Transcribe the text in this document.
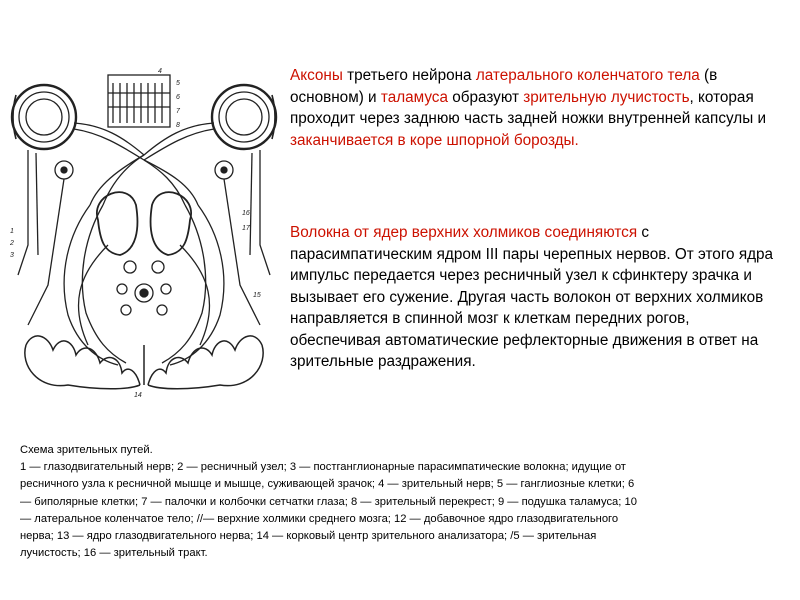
4
5
6
7
8
16
17
15
14
1
2
3
Аксоны третьего нейрона латерального коленчатого тела (в основном) и таламуса образуют зрительную лучистость, которая проходит через заднюю часть задней ножки внутренней капсулы и заканчивается в коре шпорной борозды.
Волокна от ядер верхних холмиков соединяются с парасимпатическим ядром III пары черепных нервов. От этого ядра импульс передается через ресничный узел к сфинктеру зрачка и вызывает его сужение. Другая часть волокон от верхних холмиков направляется в спинной мозг к клеткам передних рогов, обеспечивая автоматические рефлекторные движения в ответ на зрительные раздражения.
Схема зрительных путей.
1 — глазодвигательный нерв; 2 — ресничный узел; 3 — постганглионарные парасимпатические волокна; идущие от
ресничного узла к ресничной мышце и мышце, суживающей зрачок; 4 — зрительный нерв; 5 — ганглиозные клетки; 6
— биполярные клетки; 7 — палочки и колбочки сетчатки глаза; 8 — зрительный перекрест; 9 — подушка таламуса; 10
— латеральное коленчатое тело; //— верхние холмики среднего мозга; 12 — добавочное ядро глазодвигательного
нерва; 13 — ядро глазодвигательного нерва; 14 — корковый центр зрительного анализатора; /5 — зрительная
лучистость; 16 — зрительный тракт.
